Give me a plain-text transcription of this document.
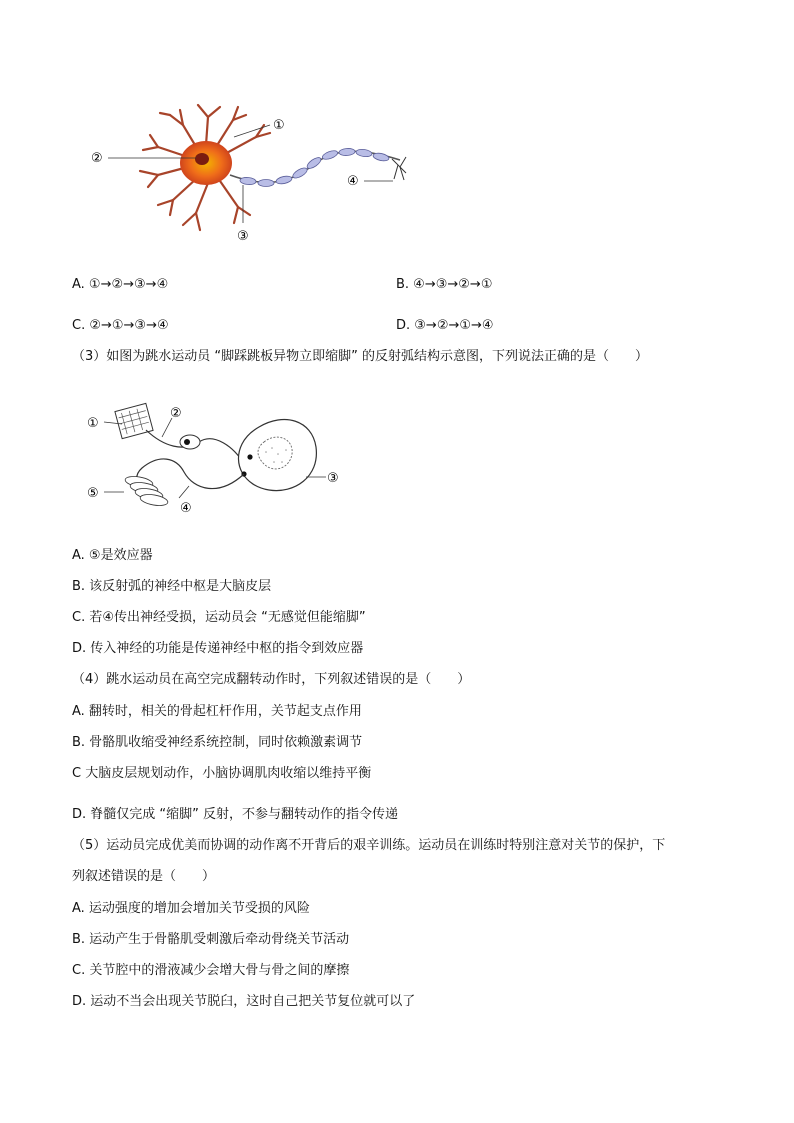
①
②
③
④
A. ①→②→③→④	B. ④→③→②→①
C. ②→①→③→④	D. ③→②→①→④
（3）如图为跳水运动员 “脚踩跳板异物立即缩脚” 的反射弧结构示意图，下列说法正确的是（　　）
①
②
③
④
⑤
A. ⑤是效应器
B. 该反射弧的神经中枢是大脑皮层
C. 若④传出神经受损，运动员会 “无感觉但能缩脚”
D. 传入神经的功能是传递神经中枢的指令到效应器
（4）跳水运动员在高空完成翻转动作时，下列叙述错误的是（　　）
A. 翻转时，相关的骨起杠杆作用，关节起支点作用
B. 骨骼肌收缩受神经系统控制，同时依赖激素调节
C 大脑皮层规划动作，小脑协调肌肉收缩以维持平衡
D. 脊髓仅完成 “缩脚” 反射，不参与翻转动作的指令传递
（5）运动员完成优美而协调的动作离不开背后的艰辛训练。运动员在训练时特别注意对关节的保护，下
列叙述错误的是（　　）
A. 运动强度的增加会增加关节受损的风险
B. 运动产生于骨骼肌受刺激后牵动骨绕关节活动
C. 关节腔中的滑液减少会增大骨与骨之间的摩擦
D. 运动不当会出现关节脱臼，这时自己把关节复位就可以了
